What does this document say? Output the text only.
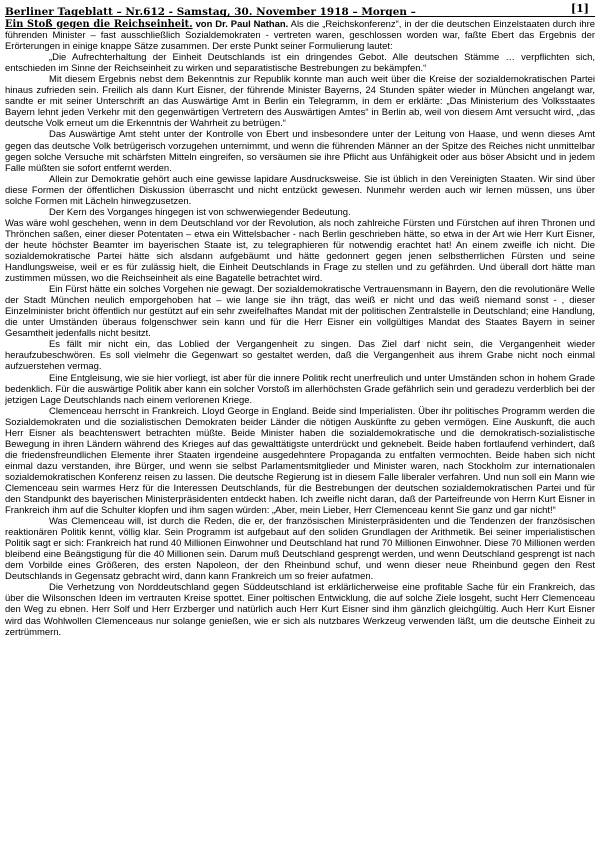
Berliner Tageblatt – Nr.612 - Samstag, 30. November 1918 – Morgen –	[1]

Ein Stoß gegen die Reichseinheit. von Dr. Paul Nathan. Als die „Reichskonferenz“, in der die deutschen Einzelstaaten durch ihre führenden Minister – fast ausschließlich Sozialdemokraten - vertreten waren, geschlossen worden war, faßte Ebert das Ergebnis der Erörterungen in einige knappe Sätze zusammen. Der erste Punkt seiner Formulierung lautet:

„Die Aufrechterhaltung der Einheit Deutschlands ist ein dringendes Gebot. Alle deutschen Stämme … verpflichten sich, entschieden im Sinne der Reichseinheit zu wirken und separatistische Bestrebungen zu bekämpfen.“

Mit diesem Ergebnis nebst dem Bekenntnis zur Republik konnte man auch weit über die Kreise der sozialdemokratischen Partei hinaus zufrieden sein. Freilich als dann Kurt Eisner, der führende Minister Bayerns, 24 Stunden später wieder in München angelangt war, sandte er mit seiner Unterschrift an das Auswärtige Amt in Berlin ein Telegramm, in dem er erklärte: „Das Ministerium des Volksstaates Bayern lehnt jeden Verkehr mit den gegenwärtigen Vertretern des Auswärtigen Amtes“ in Berlin ab, weil von diesem Amt versucht wird, „das deutsche Volk erneut um die Erkenntnis der Wahrheit zu betrügen.“

Das Auswärtige Amt steht unter der Kontrolle von Ebert und insbesondere unter der Leitung von Haase, und wenn dieses Amt gegen das deutsche Volk betrügerisch vorzugehen unternimmt, und wenn die führenden Männer an der Spitze des Reiches nicht unmittelbar gegen solche Versuche mit schärfsten Mitteln eingreifen, so versäumen sie ihre Pflicht aus Unfähigkeit oder aus böser Absicht und in jedem Falle müßten sie sofort entfernt werden.

Allein zur Demokratie gehört auch eine gewisse lapidare Ausdrucksweise. Sie ist üblich in den Vereinigten Staaten. Wir sind über diese Formen der öffentlichen Diskussion überrascht und nicht entzückt gewesen. Nunmehr werden auch wir lernen müssen, uns über solche Formen mit Lächeln hinwegzusetzen.

Der Kern des Vorganges hingegen ist von schwerwiegender Bedeutung.

Was wäre wohl geschehen, wenn in dem Deutschland vor der Revolution, als noch zahlreiche Fürsten und Fürstchen auf ihren Thronen und Thrönchen saßen, einer dieser Potentaten – etwa ein Wittelsbacher - nach Berlin geschrieben hätte, so etwa in der Art wie Herr Kurt Eisner, der heute höchster Beamter im bayerischen Staate ist, zu telegraphieren für notwendig erachtet hat! An einem zweifle ich nicht. Die sozialdemokratische Partei hätte sich alsdann aufgebäumt und hätte gedonnert gegen jenen selbstherrlichen Fürsten und seine Handlungsweise, weil er es für zulässig hielt, die Einheit Deutschlands in Frage zu stellen und zu gefährden. Und überall dort hätte man zustimmen müssen, wo die Reichseinheit als eine Bagatelle betrachtet wird.

Ein Fürst hätte ein solches Vorgehen nie gewagt. Der sozialdemokratische Vertrauensmann in Bayern, den die revolutionäre Welle der Stadt München neulich emporgehoben hat – wie lange sie ihn trägt, das weiß er nicht und das weiß niemand sonst - , dieser Einzelminister bricht öffentlich nur gestützt auf ein sehr zweifelhaftes Mandat mit der politischen Zentralstelle in Deutschland; eine Handlung, die unter Umständen überaus folgenschwer sein kann und für die Herr Eisner ein vollgültiges Mandat des Staates Bayern in seiner Gesamtheit jedenfalls nicht besitzt.

Es fällt mir nicht ein, das Loblied der Vergangenheit zu singen. Das Ziel darf nicht sein, die Vergangenheit wieder heraufzubeschwören. Es soll vielmehr die Gegenwart so gestaltet werden, daß die Vergangenheit aus ihrem Grabe nicht noch einmal aufzuerstehen vermag.

Eine Entgleisung, wie sie hier vorliegt, ist aber für die innere Politik recht unerfreulich und unter Umständen schon in hohem Grade bedenklich. Für die auswärtige Politik aber kann ein solcher Vorstoß im allerhöchsten Grade gefährlich sein und geradezu verderblich bei der jetzigen Lage Deutschlands nach einem verlorenen Kriege.

Clemenceau herrscht in Frankreich. Lloyd George in England. Beide sind Imperialisten. Über ihr politisches Programm werden die Sozialdemokraten und die sozialistischen Demokraten beider Länder die nötigen Auskünfte zu geben vermögen. Eine Auskunft, die auch Herr Eisner als beachtenswert betrachten müßte. Beide Minister haben die sozialdemokratische und die demokratisch-sozialistische Bewegung in ihren Ländern während des Krieges auf das gewalttätigste unterdrückt und geknebelt. Beide haben fortlaufend verhindert, daß die friedensfreundlichen Elemente ihrer Staaten irgendeine ausgedehntere Propaganda zu entfalten vermochten. Beide haben sich nicht einmal dazu verstanden, ihre Bürger, und wenn sie selbst Parlamentsmitglieder und Minister waren, nach Stockholm zur internationalen sozialdemokratischen Konferenz reisen zu lassen. Die deutsche Regierung ist in diesem Falle liberaler verfahren. Und nun soll ein Mann wie Clemenceau sein warmes Herz für die Interessen Deutschlands, für die Bestrebungen der deutschen sozialdemokratischen Partei und für den Standpunkt des bayerischen Ministerpräsidenten entdeckt haben. Ich zweifle nicht daran, daß der Parteifreunde von Herrn Kurt Eisner in Frankreich ihm auf die Schulter klopfen und ihm sagen würden: „Aber, mein Lieber, Herr Clemenceau kennt Sie ganz und gar nicht!“

Was Clemenceau will, ist durch die Reden, die er, der französischen Ministerpräsidenten und die Tendenzen der französischen reaktionären Politik kennt, völlig klar. Sein Programm ist aufgebaut auf den soliden Grundlagen der Arithmetik. Bei seiner imperialistischen Politik sagt er sich: Frankreich hat rund 40 Millionen Einwohner und Deutschland hat rund 70 Millionen Einwohner. Diese 70 Millionen werden bleibend eine Beängstigung für die 40 Millionen sein. Darum muß Deutschland gesprengt werden, und wenn Deutschland gesprengt ist nach dem Vorbilde eines Größeren, des ersten Napoleon, der den Rheinbund schuf, und wenn dieser neue Rheinbund gegen den Rest Deutschlands in Gegensatz gebracht wird, dann kann Frankreich um so freier aufatmen.

Die Verhetzung von Norddeutschland gegen Süddeutschland ist erklärlicherweise eine profitable Sache für ein Frankreich, das über die Wilsonschen Ideen im vertrauten Kreise spottet. Einer poltischen Entwicklung, die auf solche Ziele losgeht, sucht Herr Clemenceau den Weg zu ebnen. Herr Solf und Herr Erzberger und natürlich auch Herr Kurt Eisner sind ihm gänzlich gleichgültig. Auch Herr Kurt Eisner wird das Wohlwollen Clemenceaus nur solange genießen, wie er sich als nutzbares Werkzeug verwenden läßt, um die deutsche Einheit zu zertrümmern.
